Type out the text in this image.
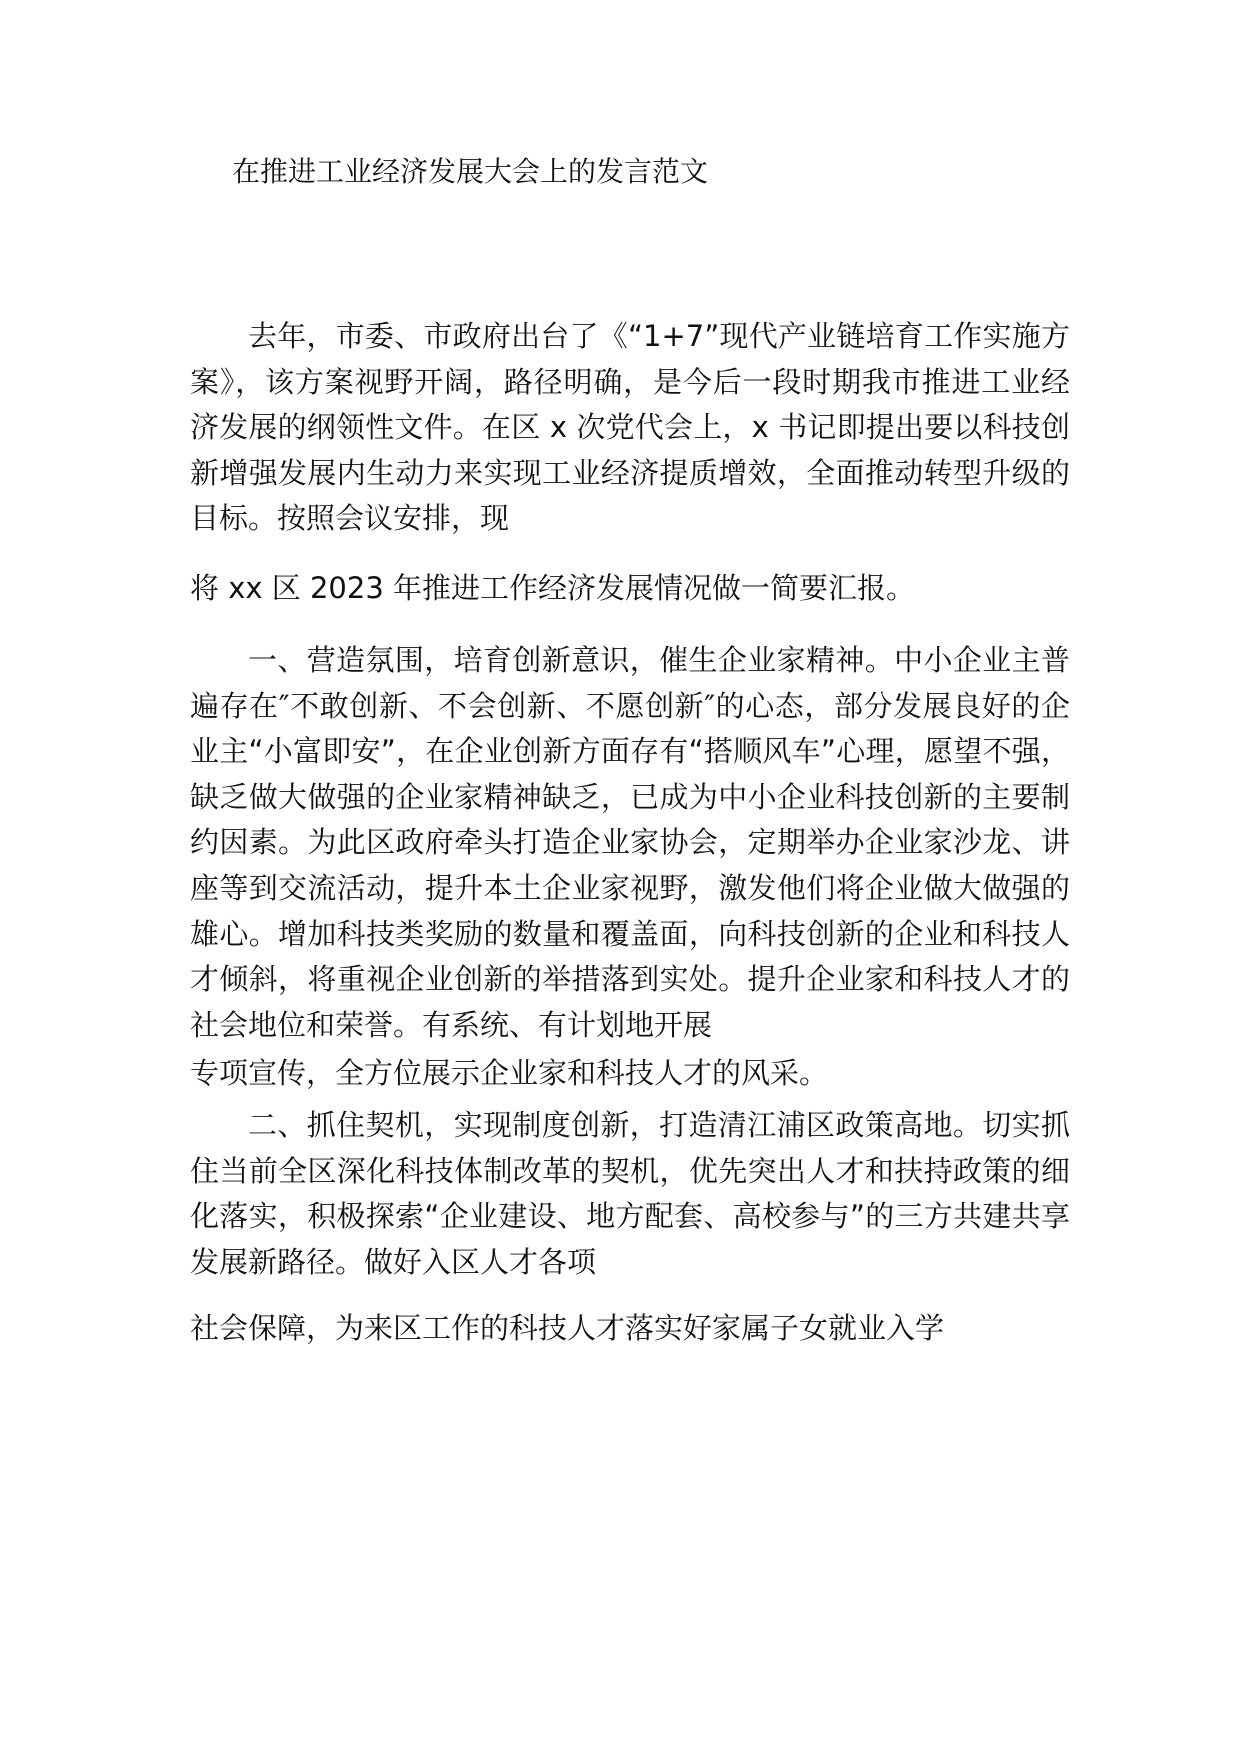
在推进工业经济发展大会上的发言范文

去年，市委、市政府出台了《“1+7”现代产业链培育工作实施方案》，该方案视野开阔，路径明确，是今后一段时期我市推进工业经济发展的纲领性文件。在区 x 次党代会上，x 书记即提出要以科技创新增强发展内生动力来实现工业经济提质增效，全面推动转型升级的目标。按照会议安排，现

将 xx 区 2023 年推进工作经济发展情况做一简要汇报。

一、营造氛围，培育创新意识，催生企业家精神。中小企业主普遍存在″不敢创新、不会创新、不愿创新″的心态，部分发展良好的企业主“小富即安”，在企业创新方面存有“搭顺风车”心理，愿望不强，缺乏做大做强的企业家精神缺乏，已成为中小企业科技创新的主要制约因素。为此区政府牵头打造企业家协会，定期举办企业家沙龙、讲座等到交流活动，提升本土企业家视野，激发他们将企业做大做强的雄心。增加科技类奖励的数量和覆盖面，向科技创新的企业和科技人才倾斜，将重视企业创新的举措落到实处。提升企业家和科技人才的社会地位和荣誉。有系统、有计划地开展

专项宣传，全方位展示企业家和科技人才的风采。

二、抓住契机，实现制度创新，打造清江浦区政策高地。切实抓住当前全区深化科技体制改革的契机，优先突出人才和扶持政策的细化落实，积极探索“企业建设、地方配套、高校参与”的三方共建共享发展新路径。做好入区人才各项

社会保障，为来区工作的科技人才落实好家属子女就业入学
